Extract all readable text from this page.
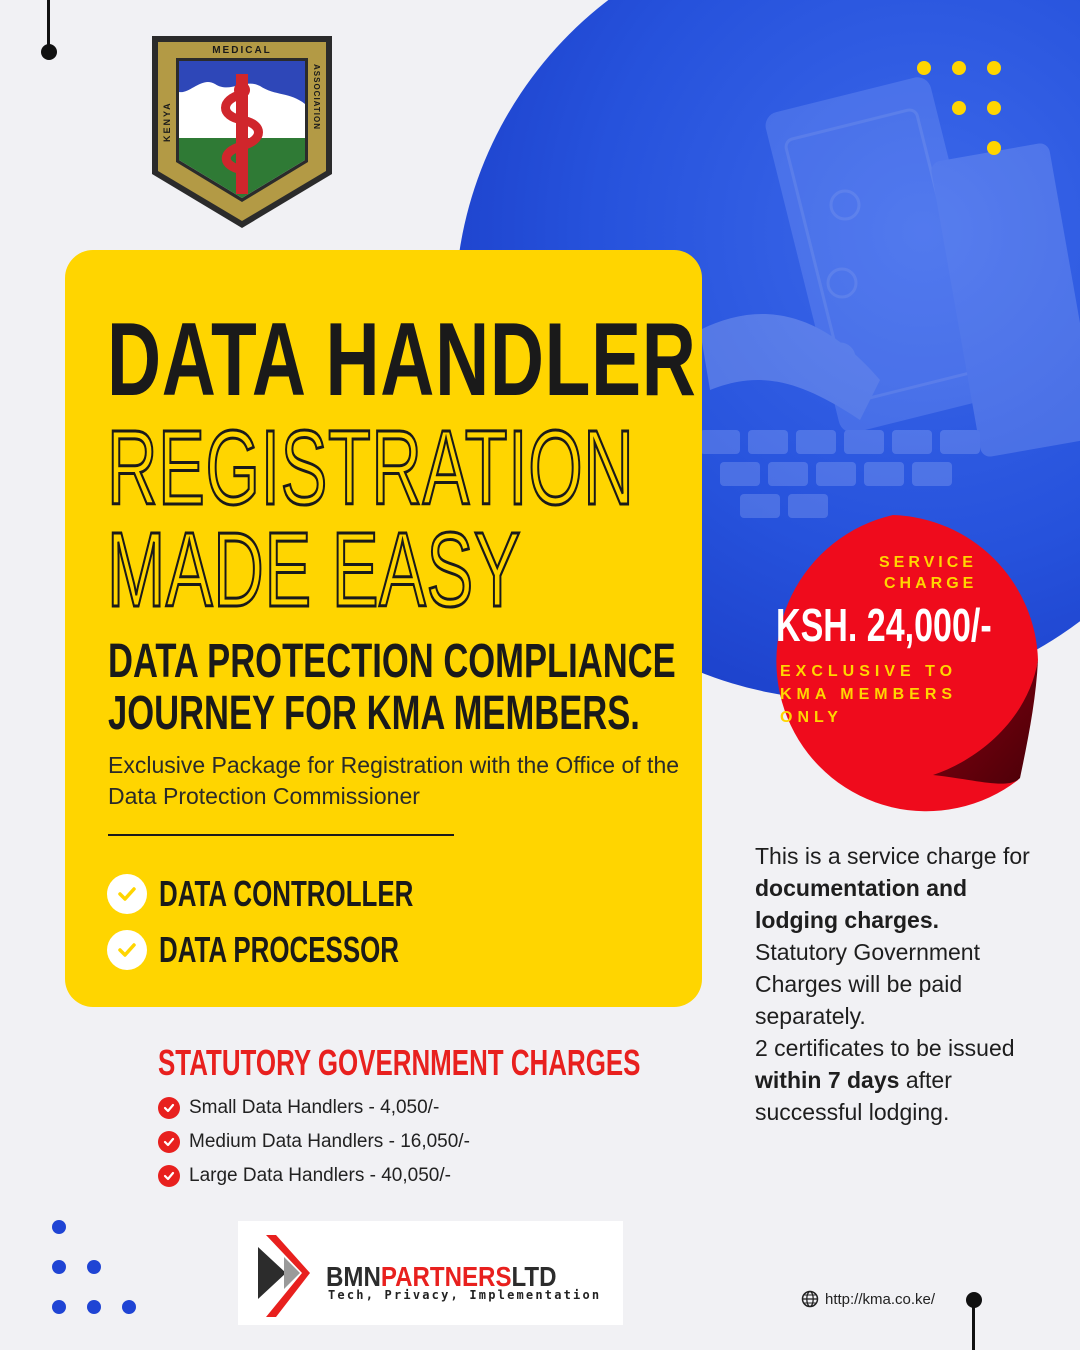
MEDICAL
KENYA	ASSOCIATION
DATA HANDLER
REGISTRATION
MADE EASY
DATA PROTECTION COMPLIANCE
JOURNEY FOR KMA MEMBERS.
Exclusive Package for Registration with the Office of the Data Protection Commissioner
DATA CONTROLLER
DATA PROCESSOR
SERVICE
CHARGE
KSH. 24,000/-
EXCLUSIVE TO
KMA MEMBERS
ONLY
This is a service charge for documentation and lodging charges.
Statutory Government Charges will be paid separately.
2 certificates to be issued within 7 days after successful lodging.
STATUTORY GOVERNMENT CHARGES
Small Data Handlers - 4,050/-
Medium Data Handlers - 16,050/-
Large Data Handlers - 40,050/-
BMNPARTNERSLTD
Tech, Privacy, Implementation	http://kma.co.ke/
